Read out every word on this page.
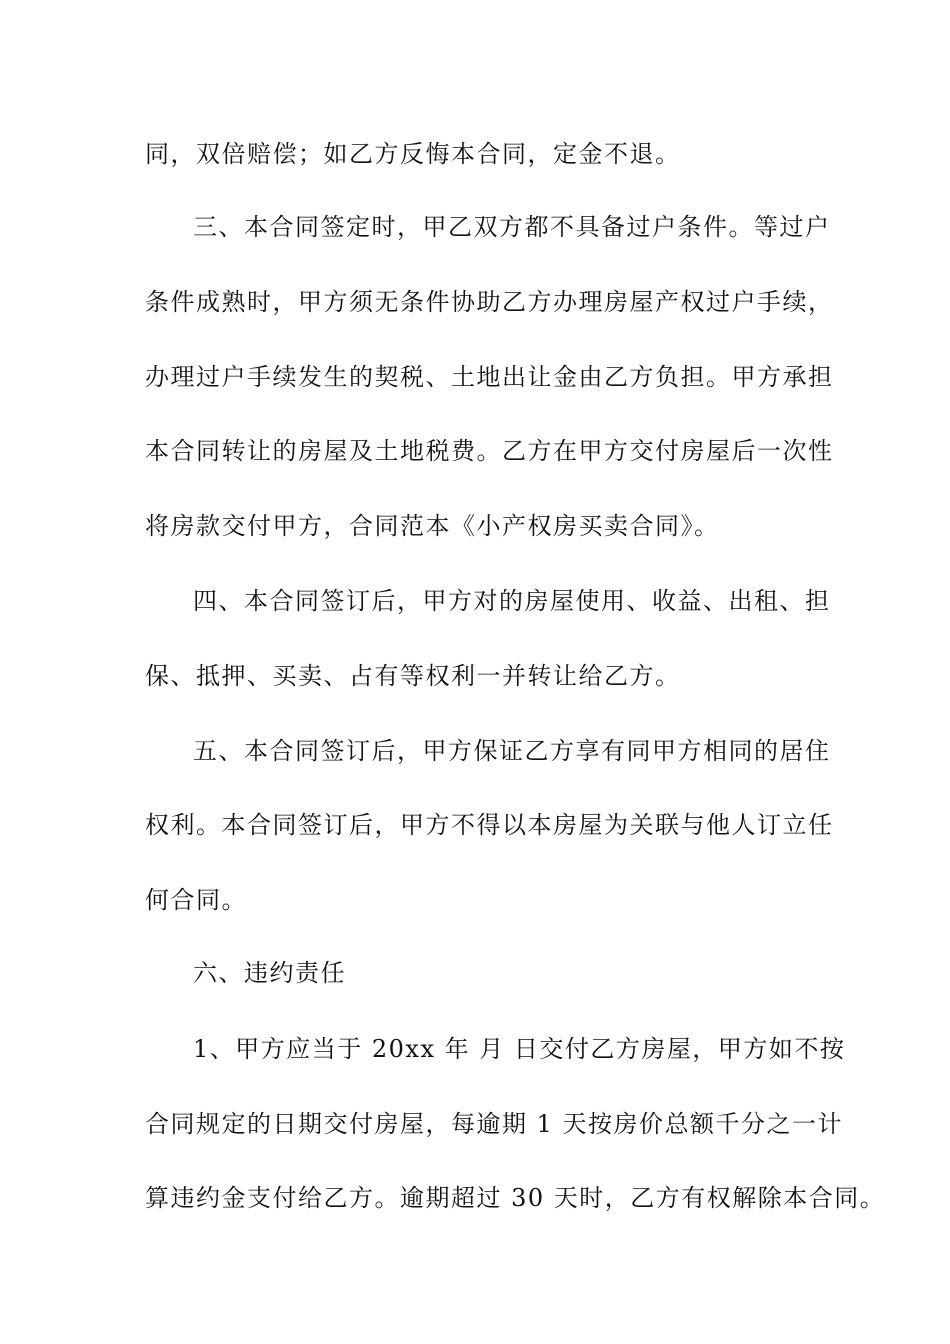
同，双倍赔偿；如乙方反悔本合同，定金不退。
三、本合同签定时，甲乙双方都不具备过户条件。等过户
条件成熟时，甲方须无条件协助乙方办理房屋产权过户手续，
办理过户手续发生的契税、土地出让金由乙方负担。甲方承担
本合同转让的房屋及土地税费。乙方在甲方交付房屋后一次性
将房款交付甲方，合同范本《小产权房买卖合同》。
四、本合同签订后，甲方对的房屋使用、收益、出租、担
保、抵押、买卖、占有等权利一并转让给乙方。
五、本合同签订后，甲方保证乙方享有同甲方相同的居住
权利。本合同签订后，甲方不得以本房屋为关联与他人订立任
何合同。
六、违约责任
1、甲方应当于 20xx 年 月 日交付乙方房屋，甲方如不按
合同规定的日期交付房屋，每逾期 1 天按房价总额千分之一计
算违约金支付给乙方。逾期超过 30 天时，乙方有权解除本合同。
